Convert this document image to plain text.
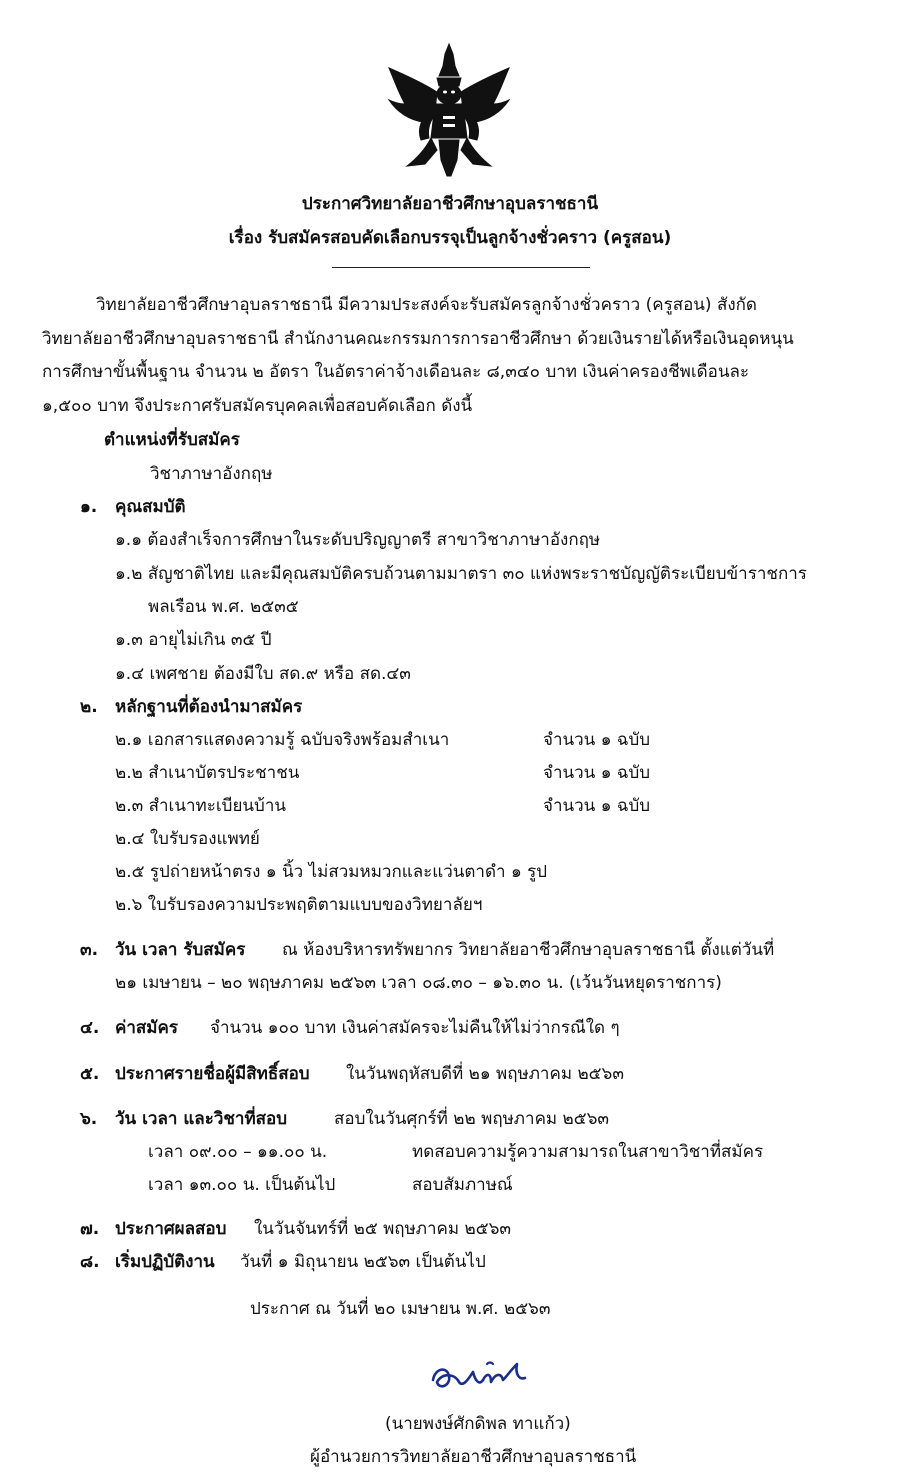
ประกาศวิทยาลัยอาชีวศึกษาอุบลราชธานี
เรื่อง รับสมัครสอบคัดเลือกบรรจุเป็นลูกจ้างชั่วคราว (ครูสอน)
วิทยาลัยอาชีวศึกษาอุบลราชธานี มีความประสงค์จะรับสมัครลูกจ้างชั่วคราว (ครูสอน) สังกัด
วิทยาลัยอาชีวศึกษาอุบลราชธานี สำนักงานคณะกรรมการการอาชีวศึกษา ด้วยเงินรายได้หรือเงินอุดหนุน
การศึกษาขั้นพื้นฐาน จำนวน ๒ อัตรา ในอัตราค่าจ้างเดือนละ ๘,๓๔๐ บาท เงินค่าครองชีพเดือนละ
๑,๕๐๐ บาท จึงประกาศรับสมัครบุคคลเพื่อสอบคัดเลือก ดังนี้
ตำแหน่งที่รับสมัคร
วิชาภาษาอังกฤษ
๑. คุณสมบัติ
๑.๑ ต้องสำเร็จการศึกษาในระดับปริญญาตรี สาขาวิชาภาษาอังกฤษ
๑.๒ สัญชาติไทย และมีคุณสมบัติครบถ้วนตามมาตรา ๓๐ แห่งพระราชบัญญัติระเบียบข้าราชการ
พลเรือน พ.ศ. ๒๕๓๕
๑.๓ อายุไม่เกิน ๓๕ ปี
๑.๔ เพศชาย ต้องมีใบ สด.๙ หรือ สด.๔๓
๒. หลักฐานที่ต้องนำมาสมัคร
๒.๑ เอกสารแสดงความรู้ ฉบับจริงพร้อมสำเนา	จำนวน ๑ ฉบับ
๒.๒ สำเนาบัตรประชาชน	จำนวน ๑ ฉบับ
๒.๓ สำเนาทะเบียนบ้าน	จำนวน ๑ ฉบับ
๒.๔ ใบรับรองแพทย์
๒.๕ รูปถ่ายหน้าตรง ๑ นิ้ว ไม่สวมหมวกและแว่นตาดำ ๑ รูป
๒.๖ ใบรับรองความประพฤติตามแบบของวิทยาลัยฯ
๓. วัน เวลา รับสมัคร ณ ห้องบริหารทรัพยากร วิทยาลัยอาชีวศึกษาอุบลราชธานี ตั้งแต่วันที่
๒๑ เมษายน – ๒๐ พฤษภาคม ๒๕๖๓ เวลา ๐๘.๓๐ – ๑๖.๓๐ น. (เว้นวันหยุดราชการ)
๔. ค่าสมัคร จำนวน ๑๐๐ บาท เงินค่าสมัครจะไม่คืนให้ไม่ว่ากรณีใด ๆ
๕. ประกาศรายชื่อผู้มีสิทธิ์สอบ ในวันพฤหัสบดีที่ ๒๑ พฤษภาคม ๒๕๖๓
๖. วัน เวลา และวิชาที่สอบ	สอบในวันศุกร์ที่ ๒๒ พฤษภาคม ๒๕๖๓
เวลา ๐๙.๐๐ – ๑๑.๐๐ น.	ทดสอบความรู้ความสามารถในสาขาวิชาที่สมัคร
เวลา ๑๓.๐๐ น. เป็นต้นไป	สอบสัมภาษณ์
๗. ประกาศผลสอบ ในวันจันทร์ที่ ๒๕ พฤษภาคม ๒๕๖๓
๘. เริ่มปฏิบัติงาน วันที่ ๑ มิถุนายน ๒๕๖๓ เป็นต้นไป
ประกาศ ณ วันที่ ๒๐ เมษายน พ.ศ. ๒๕๖๓
(นายพงษ์ศักดิพล ทาแก้ว)
ผู้อำนวยการวิทยาลัยอาชีวศึกษาอุบลราชธานี
